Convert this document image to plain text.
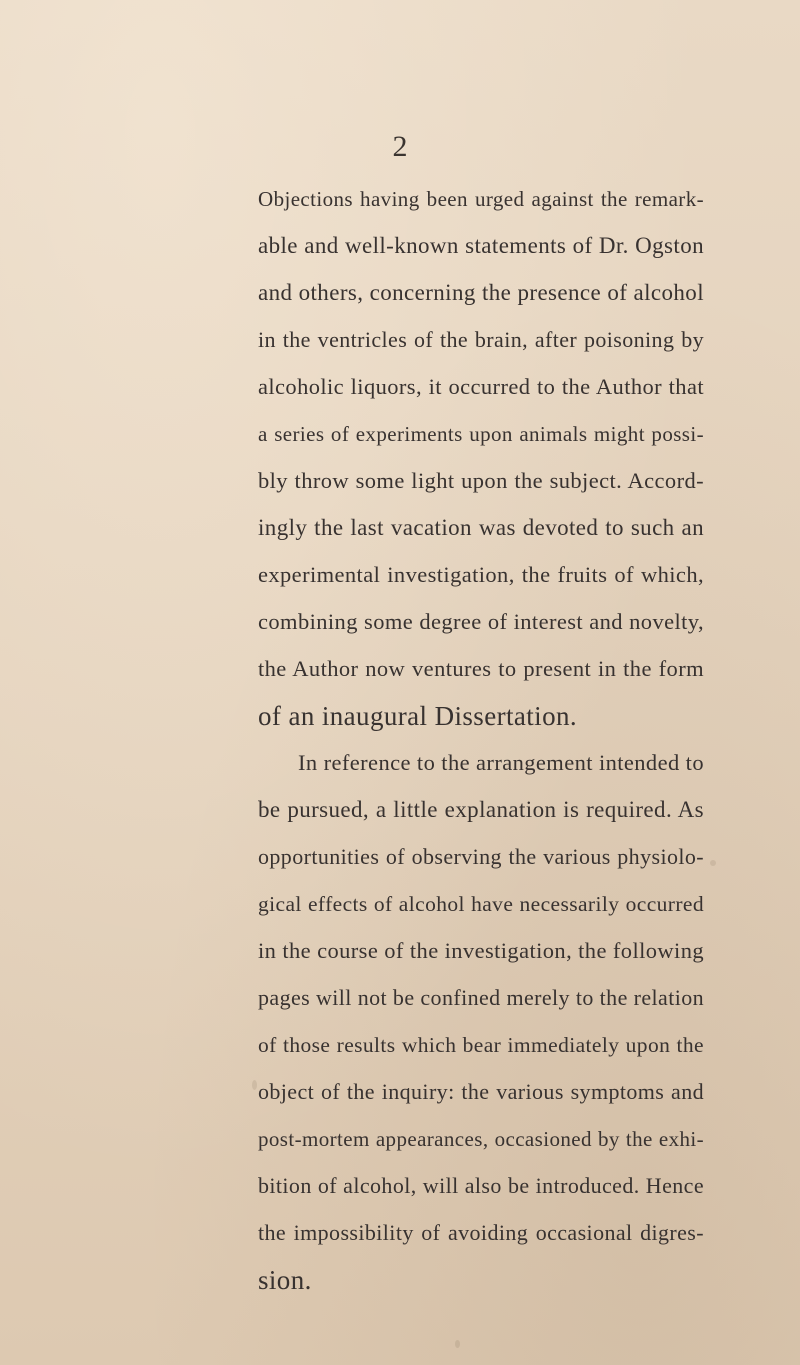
2
Objections having been urged against the remark-
able and well-known statements of Dr. Ogston
and others, concerning the presence of alcohol
in the ventricles of the brain, after poisoning by
alcoholic liquors, it occurred to the Author that
a series of experiments upon animals might possi-
bly throw some light upon the subject. Accord-
ingly the last vacation was devoted to such an
experimental investigation, the fruits of which,
combining some degree of interest and novelty,
the Author now ventures to present in the form
of an inaugural Dissertation.
In reference to the arrangement intended to
be pursued, a little explanation is required. As
opportunities of observing the various physiolo-
gical effects of alcohol have necessarily occurred
in the course of the investigation, the following
pages will not be confined merely to the relation
of those results which bear immediately upon the
object of the inquiry: the various symptoms and
post-mortem appearances, occasioned by the exhi-
bition of alcohol, will also be introduced. Hence
the impossibility of avoiding occasional digres-
sion.
